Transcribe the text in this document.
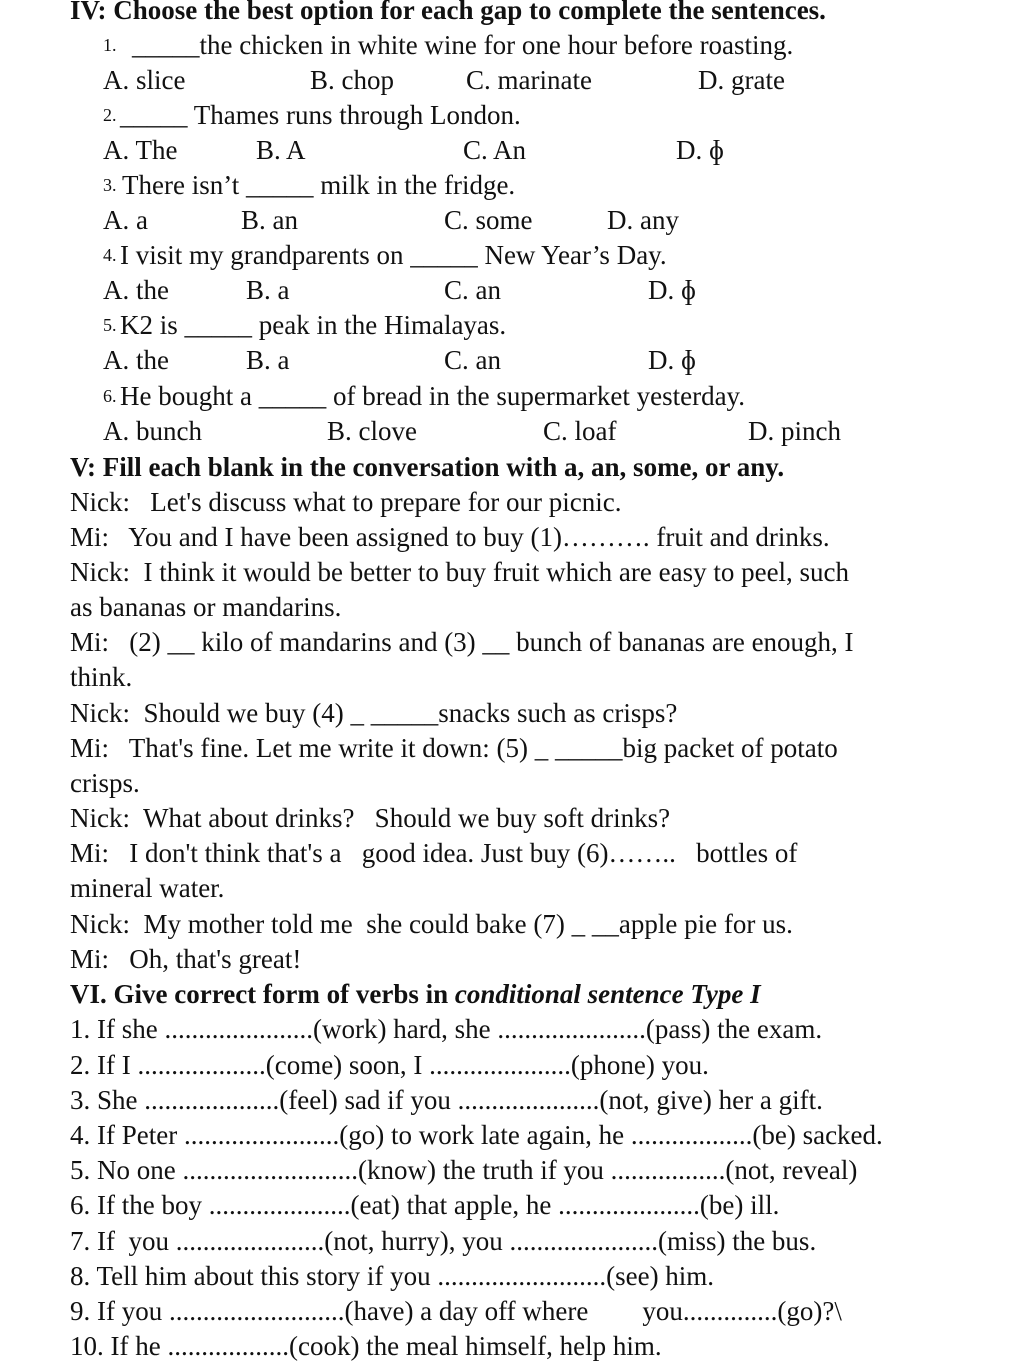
IV: Choose the best option for each gap to complete the sentences.
1. _____the chicken in white wine for one hour before roasting.
A. slice	B. chop	C. marinate	D. grate
2. _____ Thames runs through London.
A. The	B. A	C. An	D. ɸ
3. There isn’t _____ milk in the fridge.
A. a	B. an	C. some	D. any
4. I visit my grandparents on _____ New Year’s Day.
A. the	B. a	C. an	D. ɸ
5. K2 is _____ peak in the Himalayas.
A. the	B. a	C. an	D. ɸ
6. He bought a _____ of bread in the supermarket yesterday.
A. bunch	B. clove	C. loaf	D. pinch
V: Fill each blank in the conversation with a, an, some, or any.
Nick:   Let's discuss what to prepare for our picnic.
Mi:   You and I have been assigned to buy (1)………. fruit and drinks.
Nick:  I think it would be better to buy fruit which are easy to peel, such
as bananas or mandarins.
Mi:   (2) __ kilo of mandarins and (3) __ bunch of bananas are enough, I
think.
Nick:  Should we buy (4) _ _____snacks such as crisps?
Mi:   That's fine. Let me write it down: (5) _ _____big packet of potato
crisps.
Nick:  What about drinks?   Should we buy soft drinks?
Mi:   I don't think that's a   good idea. Just buy (6)……..   bottles of
mineral water.
Nick:  My mother told me  she could bake (7) _ __apple pie for us.
Mi:   Oh, that's great!
VI. Give correct form of verbs in conditional sentence Type I
1. If she ......................(work) hard, she ......................(pass) the exam.
2. If I ...................(come) soon, I .....................(phone) you.
3. She ....................(feel) sad if you .....................(not, give) her a gift.
4. If Peter .......................(go) to work late again, he ..................(be) sacked.
5. No one ..........................(know) the truth if you .................(not, reveal)
6. If the boy .....................(eat) that apple, he .....................(be) ill.
7. If  you ......................(not, hurry), you ......................(miss) the bus.
8. Tell him about this story if you .........................(see) him.
9. If you ..........................(have) a day off where        you..............(go)?\
10. If he ..................(cook) the meal himself, help him.
